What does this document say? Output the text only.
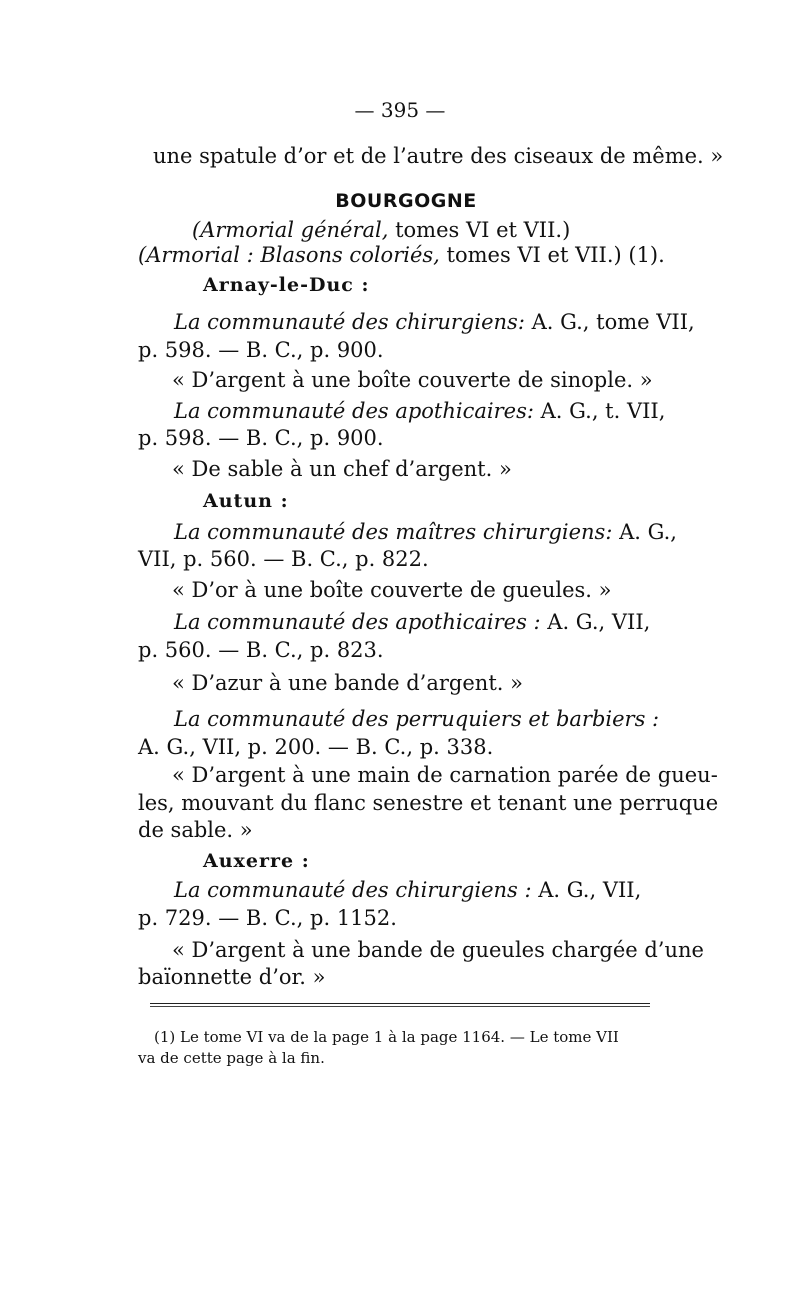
— 395 —
une spatule d’or et de l’autre des ciseaux de même. »
BOURGOGNE
(Armorial général, tomes VI et VII.)
(Armorial : Blasons coloriés, tomes VI et VII.) (1).
Arnay-le-Duc :
La communauté des chirurgiens: A. G., tome VII,
p. 598. — B. C., p. 900.
« D’argent à une boîte couverte de sinople. »
La communauté des apothicaires: A. G., t. VII,
p. 598. — B. C., p. 900.
« De sable à un chef d’argent. »
Autun :
La communauté des maîtres chirurgiens: A. G.,
VII, p. 560. — B. C., p. 822.
« D’or à une boîte couverte de gueules. »
La communauté des apothicaires : A. G., VII,
p. 560. — B. C., p. 823.
« D’azur à une bande d’argent. »
La communauté des perruquiers et barbiers :
A. G., VII, p. 200. — B. C., p. 338.
« D’argent à une main de carnation parée de gueu-
les, mouvant du flanc senestre et tenant une perruque
de sable. »
Auxerre :
La communauté des chirurgiens : A. G., VII,
p. 729. — B. C., p. 1152.
« D’argent à une bande de gueules chargée d’une
baïonnette d’or. »
(1) Le tome VI va de la page 1 à la page 1164. — Le tome VII
va de cette page à la fin.
